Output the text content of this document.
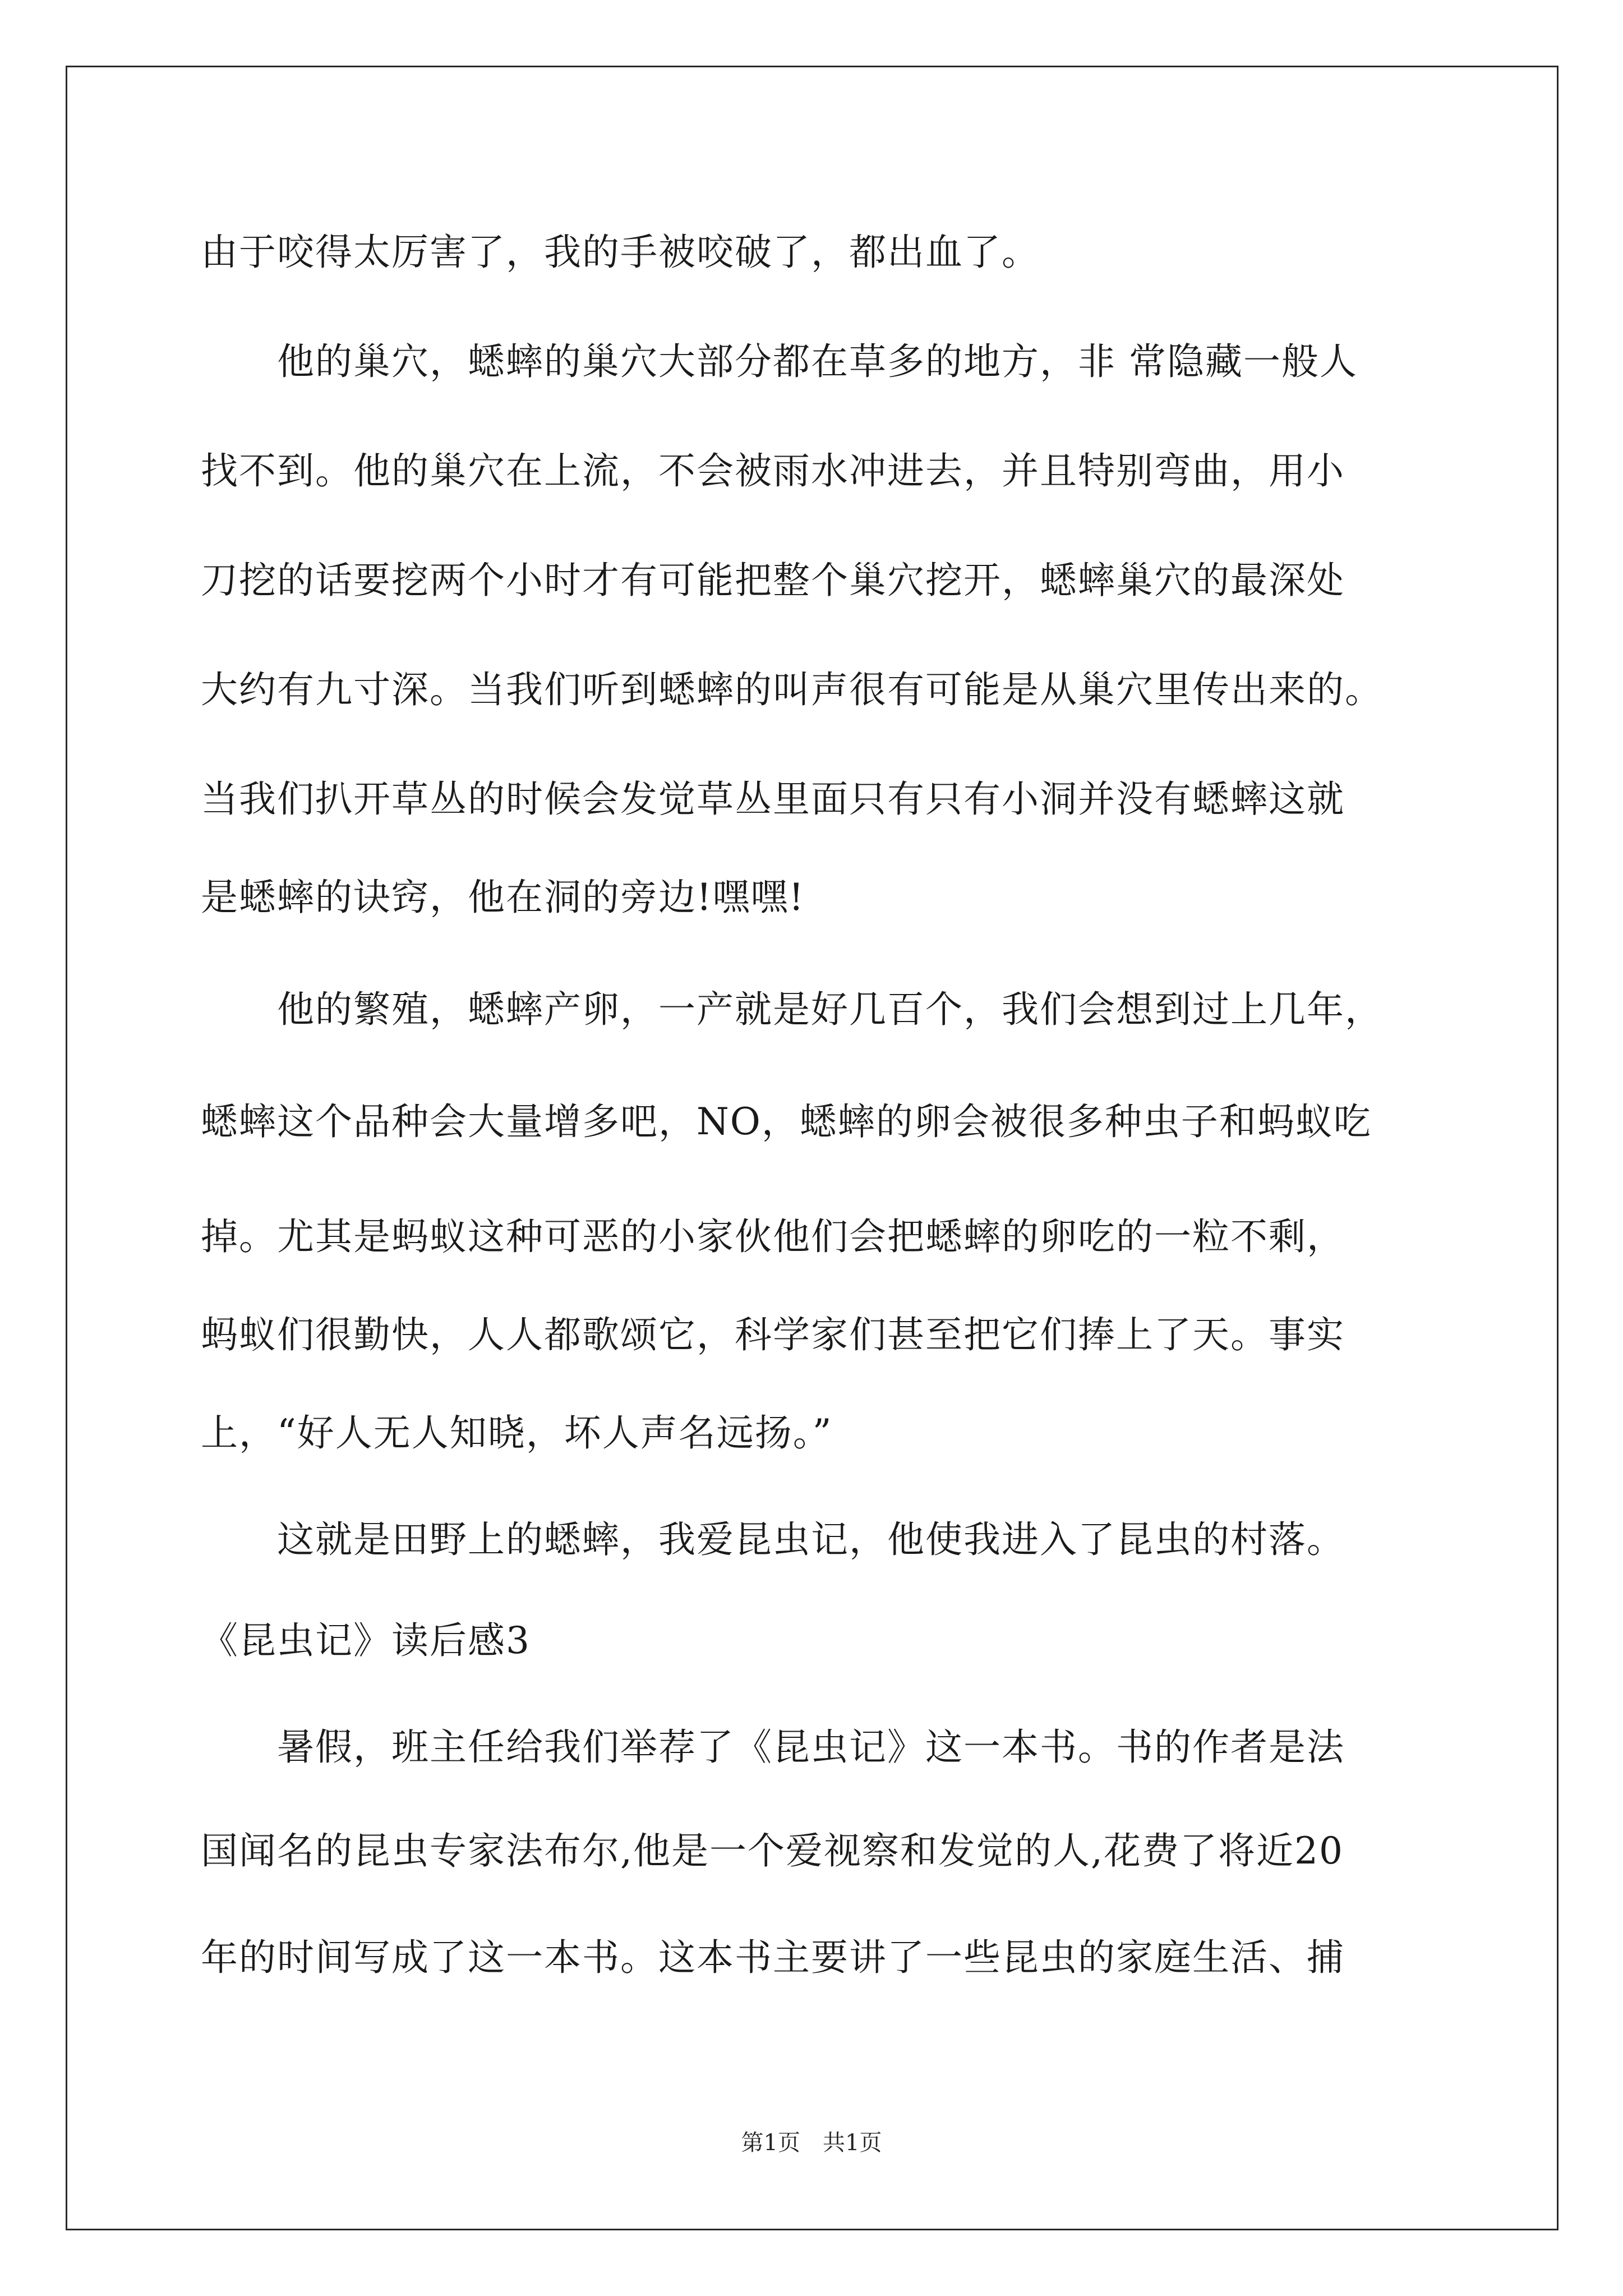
由于咬得太厉害了，我的手被咬破了，都出血了。
　　他的巢穴，蟋蟀的巢穴大部分都在草多的地方，非 常隐藏一般人
找不到。他的巢穴在上流，不会被雨水冲进去，并且特别弯曲，用小
刀挖的话要挖两个小时才有可能把整个巢穴挖开，蟋蟀巢穴的最深处
大约有九寸深。当我们听到蟋蟀的叫声很有可能是从巢穴里传出来的。
当我们扒开草丛的时候会发觉草丛里面只有只有小洞并没有蟋蟀这就
是蟋蟀的诀窍，他在洞的旁边!嘿嘿!
　　他的繁殖，蟋蟀产卵，一产就是好几百个，我们会想到过上几年，
蟋蟀这个品种会大量增多吧，NO，蟋蟀的卵会被很多种虫子和蚂蚁吃
掉。尤其是蚂蚁这种可恶的小家伙他们会把蟋蟀的卵吃的一粒不剩，
蚂蚁们很勤快，人人都歌颂它，科学家们甚至把它们捧上了天。事实
上，“好人无人知晓，坏人声名远扬。”
　　这就是田野上的蟋蟀，我爱昆虫记，他使我进入了昆虫的村落。
《昆虫记》读后感3
　　暑假，班主任给我们举荐了《昆虫记》这一本书。书的作者是法
国闻名的昆虫专家法布尔,他是一个爱视察和发觉的人,花费了将近20
年的时间写成了这一本书。这本书主要讲了一些昆虫的家庭生活、捕
第1页　共1页
